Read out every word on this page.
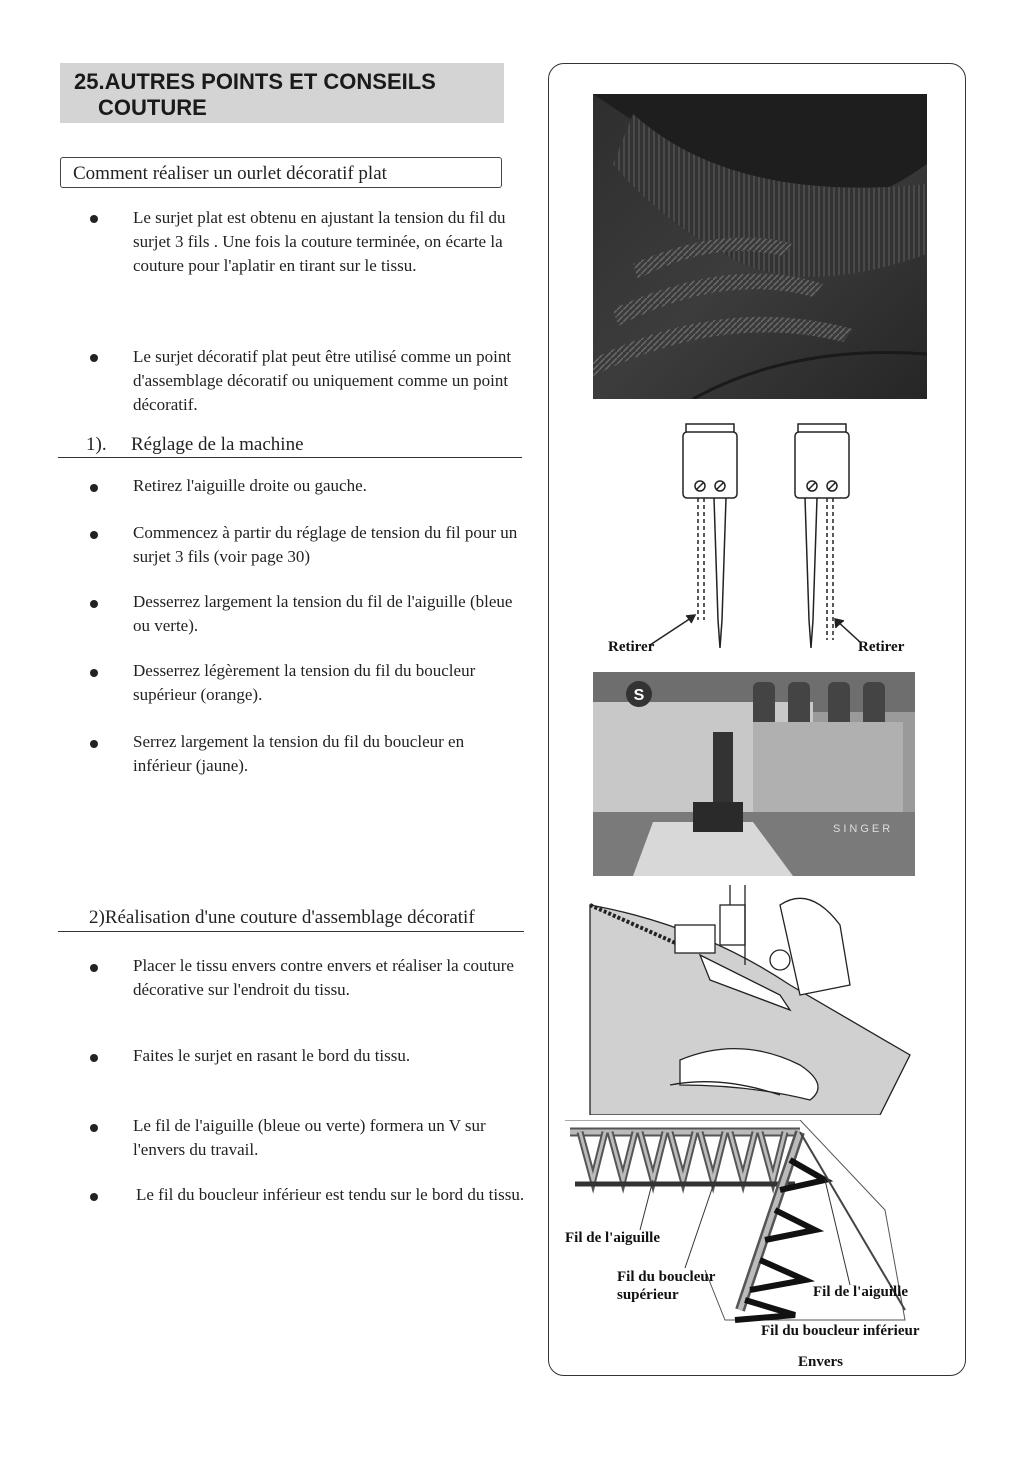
25.AUTRES POINTS ET CONSEILS
COUTURE
Comment réaliser un ourlet décoratif plat
Le surjet plat est obtenu en ajustant la tension du fil du surjet 3 fils . Une fois la couture terminée, on écarte la couture pour l'aplatir en tirant sur le tissu.
Le surjet décoratif plat peut être utilisé comme un point d'assemblage décoratif ou uniquement comme un point décoratif.
1). Réglage de la machine
Retirez l'aiguille droite ou gauche.
Commencez à partir du réglage de tension du fil pour un surjet 3 fils (voir page 30)
Desserrez largement la tension du fil de l'aiguille (bleue ou verte).
Desserrez légèrement la tension du fil du boucleur supérieur (orange).
Serrez largement la tension du fil du boucleur en inférieur (jaune).
2)Réalisation d'une couture d'assemblage décoratif
Placer le tissu envers contre envers et réaliser la couture décorative sur l'endroit du tissu.
Faites le surjet en rasant le bord du tissu.
Le fil de l'aiguille (bleue ou verte) formera un V sur l'envers du travail.
Le fil du boucleur inférieur est tendu sur le bord du tissu.
Retirer	Retirer
S
SINGER
Fil de l'aiguille
Fil du boucleur supérieur	Fil de l'aiguille
Fil du boucleur inférieur
Envers
